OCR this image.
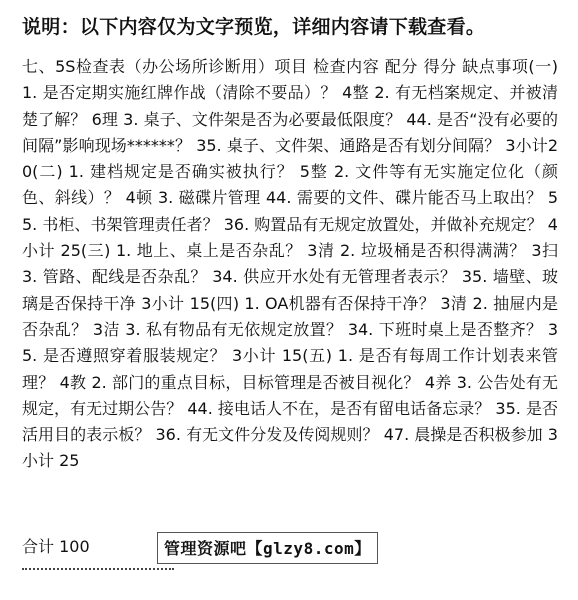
说明：以下内容仅为文字预览，详细内容请下载查看。
七、5S检查表（办公场所诊断用）项目 检查内容 配分 得分 缺点事项(一) 1. 是否定期实施红牌作战（清除不要品）？ 4整 2. 有无档案规定、并被清楚了解？ 6理 3. 桌子、文件架是否为必要最低限度？ 44. 是否“没有必要的间隔”影响现场******？ 35. 桌子、文件架、通路是否有划分间隔？ 3小计20(二) 1. 建档规定是否确实被执行？ 5整 2. 文件等有无实施定位化（颜色、斜线）？ 4顿 3. 磁碟片管理 44. 需要的文件、碟片能否马上取出？ 55. 书柜、书架管理责任者？ 36. 购置品有无规定放置处，并做补充规定？ 4小计 25(三) 1. 地上、桌上是否杂乱？ 3清 2. 垃圾桶是否积得满满？ 3扫 3. 管路、配线是否杂乱？ 34. 供应开水处有无管理者表示？ 35. 墙壁、玻璃是否保持干净 3小计 15(四) 1. OA机器有否保持干净？ 3清 2. 抽屉内是否杂乱？ 3洁 3. 私有物品有无依规定放置？ 34. 下班时桌上是否整齐？ 35. 是否遵照穿着服装规定？ 3小计 15(五) 1. 是否有每周工作计划表来管理？ 4教 2. 部门的重点目标，目标管理是否被目视化？ 4养 3. 公告处有无规定，有无过期公告？ 44. 接电话人不在，是否有留电话备忘录？ 35. 是否活用目的表示板？ 36. 有无文件分发及传阅规则？ 47. 晨操是否积极参加 3小计 25
合计 100	管理资源吧【glzy8.com】
